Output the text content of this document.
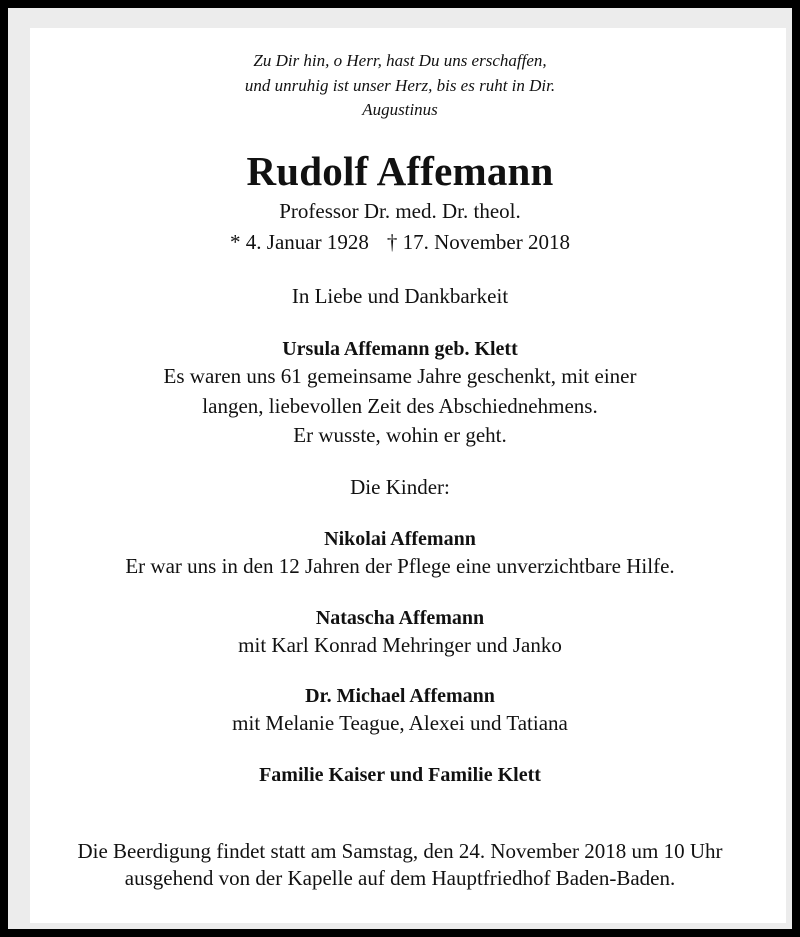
Zu Dir hin, o Herr, hast Du uns erschaffen,
und unruhig ist unser Herz, bis es ruht in Dir.
Augustinus
Rudolf Affemann
Professor Dr. med. Dr. theol.
* 4. Januar 1928 † 17. November 2018
In Liebe und Dankbarkeit
Ursula Affemann geb. Klett
Es waren uns 61 gemeinsame Jahre geschenkt, mit einer
langen, liebevollen Zeit des Abschiednehmens.
Er wusste, wohin er geht.
Die Kinder:
Nikolai Affemann
Er war uns in den 12 Jahren der Pflege eine unverzichtbare Hilfe.
Natascha Affemann
mit Karl Konrad Mehringer und Janko
Dr. Michael Affemann
mit Melanie Teague, Alexei und Tatiana
Familie Kaiser und Familie Klett
Die Beerdigung findet statt am Samstag, den 24. November 2018 um 10 Uhr
ausgehend von der Kapelle auf dem Hauptfriedhof Baden-Baden.
